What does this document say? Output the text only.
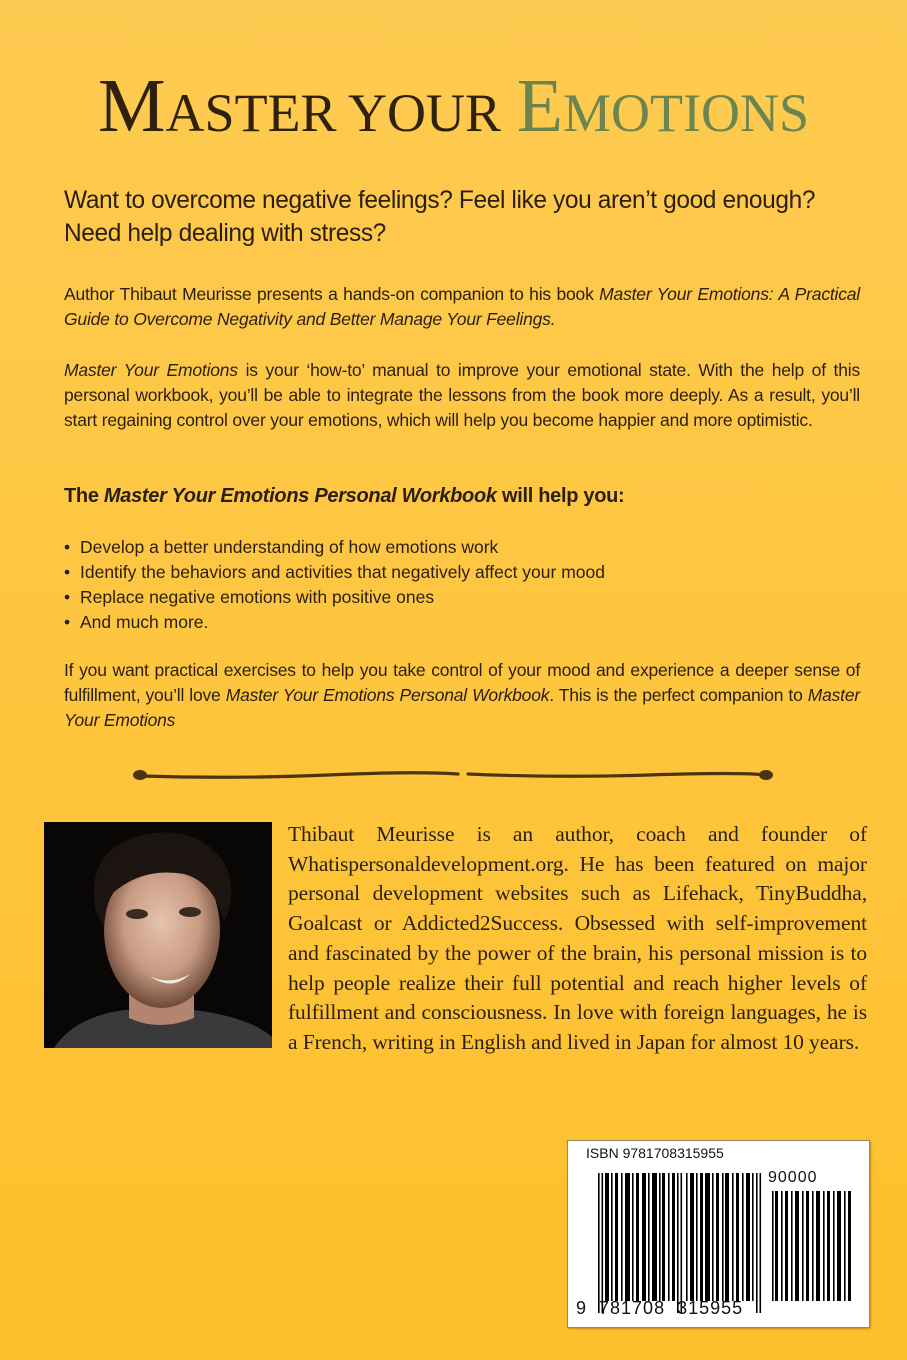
MASTER YOUR EMOTIONS

Want to overcome negative feelings? Feel like you aren’t good enough? Need help dealing with stress?

Author Thibaut Meurisse presents a hands-on companion to his book Master Your Emotions: A Practical Guide to Overcome Negativity and Better Manage Your Feelings.

Master Your Emotions is your ‘how-to’ manual to improve your emotional state. With the help of this personal workbook, you’ll be able to integrate the lessons from the book more deeply. As a result, you’ll start regaining control over your emotions, which will help you become happier and more optimistic.

The Master Your Emotions Personal Workbook will help you:

• Develop a better understanding of how emotions work
• Identify the behaviors and activities that negatively affect your mood
• Replace negative emotions with positive ones
• And much more.

If you want practical exercises to help you take control of your mood and experience a deeper sense of fulfillment, you’ll love Master Your Emotions Personal Workbook. This is the perfect companion to Master Your Emotions

Thibaut Meurisse is an author, coach and founder of Whatispersonaldevelopment.org. He has been featured on major personal development websites such as Lifehack, TinyBuddha, Goalcast or Addicted2Success. Obsessed with self-improvement and fascinated by the power of the brain, his personal mission is to help people realize their full potential and reach higher levels of fulfillment and consciousness. In love with foreign languages, he is a French, writing in English and lived in Japan for almost 10 years.
ISBN 9781708315955
90000
9  781708  315955
